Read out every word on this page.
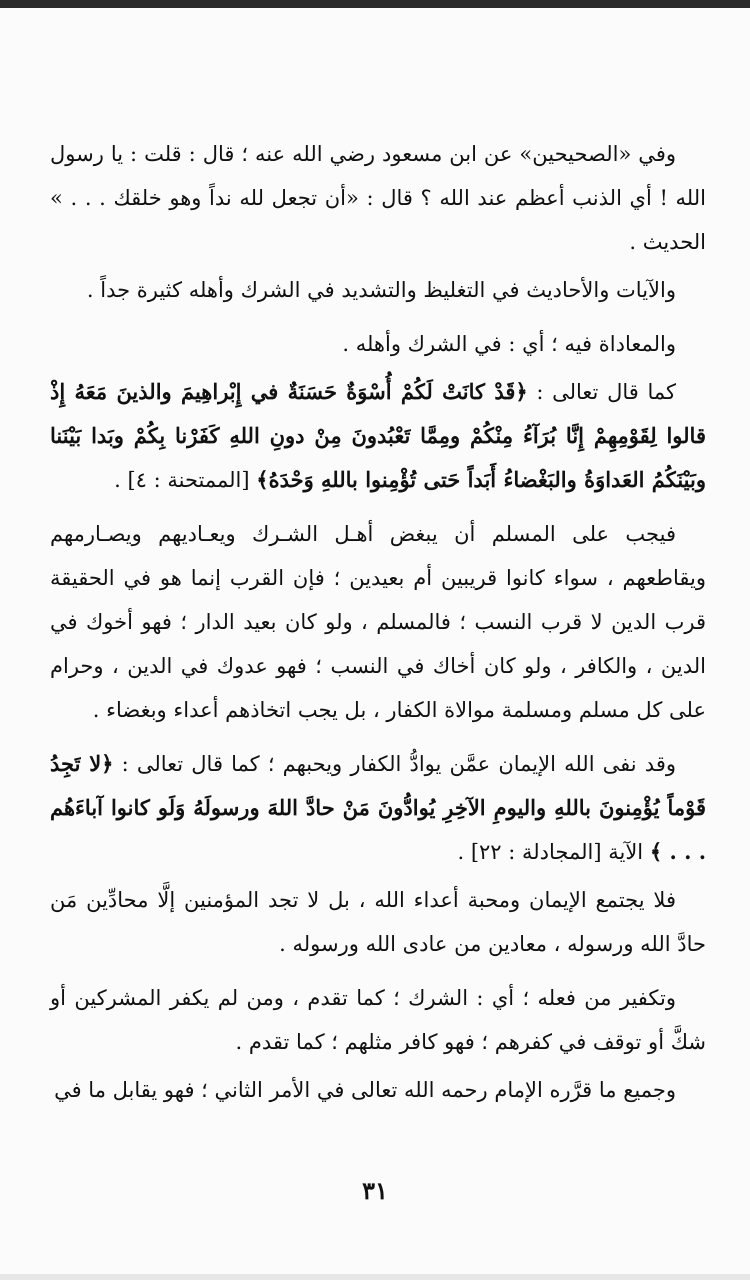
وفي «الصحيحين» عن ابن مسعود رضي الله عنه ؛ قال : قلت : يا رسول الله ! أي الذنب أعظم عند الله ؟ قال : «أن تجعل لله نداً وهو خلقك . . . » الحديث .

والآيات والأحاديث في التغليظ والتشديد في الشرك وأهله كثيرة جداً .

والمعاداة فيه ؛ أي : في الشرك وأهله .

كما قال تعالى : ﴿قَدْ كانَتْ لَكُمْ أُسْوَةٌ حَسَنَةٌ في إِبْراهِيمَ والذينَ مَعَهُ إِذْ قالوا لِقَوْمِهِمْ إِنَّا بُرَآءُ مِنْكُمْ ومِمَّا تَعْبُدونَ مِنْ دونِ اللهِ كَفَرْنا بِكُمْ وبَدا بَيْنَنا وبَيْنَكُمُ العَداوَةُ والبَغْضاءُ أَبَداً حَتى تُؤْمِنوا باللهِ وَحْدَهُ﴾ [الممتحنة : ٤] .

فيجب على المسلم أن يبغض أهـل الشـرك ويعـاديهم ويصـارمهم ويقاطعهم ، سواء كانوا قريبين أم بعيدين ؛ فإن القرب إنما هو في الحقيقة قرب الدين لا قرب النسب ؛ فالمسلم ، ولو كان بعيد الدار ؛ فهو أخوك في الدين ، والكافر ، ولو كان أخاك في النسب ؛ فهو عدوك في الدين ، وحرام على كل مسلم ومسلمة موالاة الكفار ، بل يجب اتخاذهم أعداء وبغضاء .

وقد نفى الله الإيمان عمَّن يوادُّ الكفار ويحبهم ؛ كما قال تعالى : ﴿لا تَجِدُ قَوْماً يُؤْمِنونَ باللهِ واليومِ الآخِرِ يُوادُّونَ مَنْ حادَّ اللهَ ورسولَهُ وَلَو كانوا آباءَهُم . . . ﴾ الآية [المجادلة : ٢٢] .

فلا يجتمع الإيمان ومحبة أعداء الله ، بل لا تجد المؤمنين إلَّا محادِّين مَن حادَّ الله ورسوله ، معادين من عادى الله ورسوله .

وتكفير من فعله ؛ أي : الشرك ؛ كما تقدم ، ومن لم يكفر المشركين أو شكَّ أو توقف في كفرهم ؛ فهو كافر مثلهم ؛ كما تقدم .

وجميع ما قرَّره الإمام رحمه الله تعالى في الأمر الثاني ؛ فهو يقابل ما في

٣١
